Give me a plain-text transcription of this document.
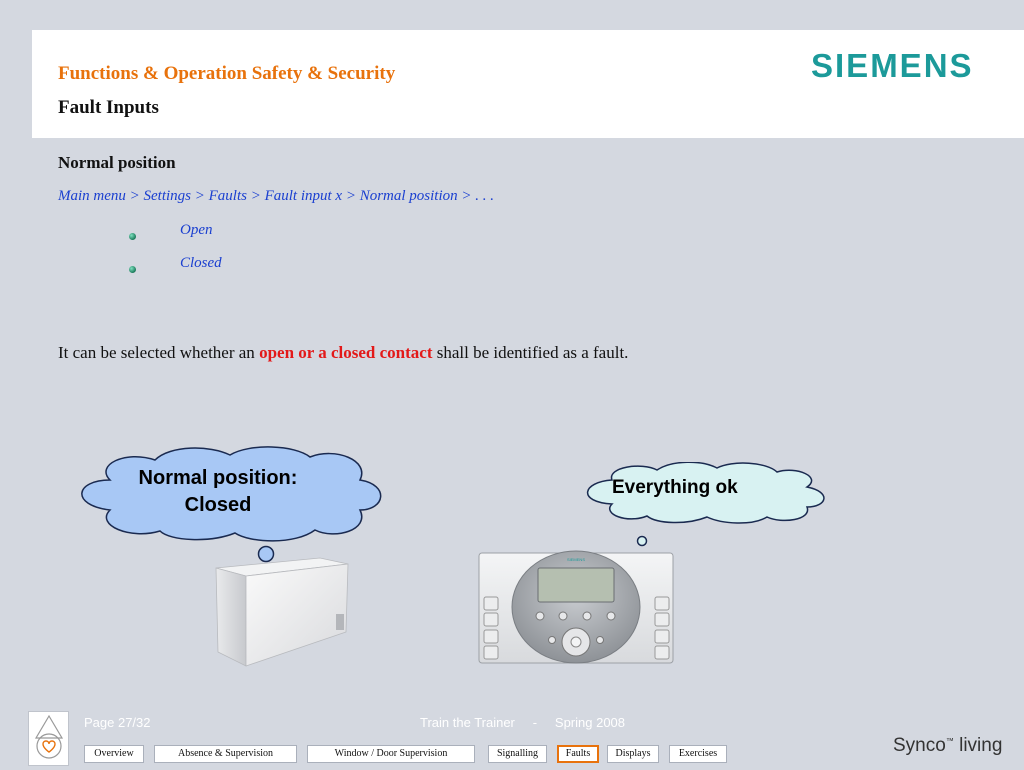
Functions & Operation Safety & Security
Fault Inputs
SIEMENS
Normal position
Main menu > Settings > Faults > Fault input x > Normal position > . . .
Open
Closed
It can be selected whether an open or a closed contact shall be identified as a fault.
Normal position:
Closed
Everything ok
SIEMENS
Page 27/32	Train the Trainer - Spring 2008
Overview	Absence & Supervision	Window / Door Supervision	Signalling	Faults	Displays	Exercises	Synco™ living
